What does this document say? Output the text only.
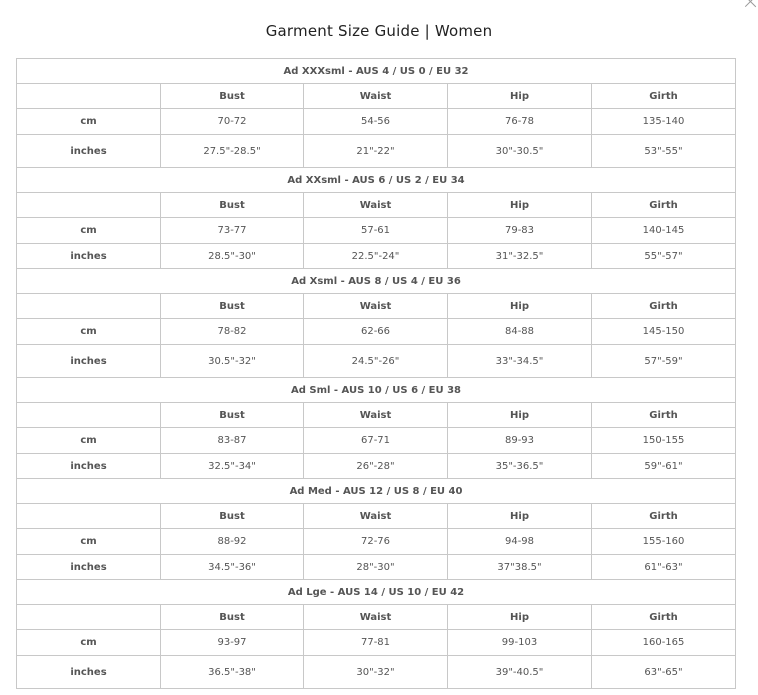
Garment Size Guide | Women
Ad XXXsml - AUS 4 / US 0 / EU 32				
	Bust	Waist	Hip	Girth
cm	70-72	54-56	76-78	135-140
inches	27.5"-28.5"	21"-22"	30"-30.5"	53"-55"
Ad XXsml - AUS 6 / US 2 / EU 34				
	Bust	Waist	Hip	Girth
cm	73-77	57-61	79-83	140-145
inches	28.5"-30"	22.5"-24"	31"-32.5"	55"-57"
Ad Xsml - AUS 8 / US 4 / EU 36				
	Bust	Waist	Hip	Girth
cm	78-82	62-66	84-88	145-150
inches	30.5"-32"	24.5"-26"	33"-34.5"	57"-59"
Ad Sml - AUS 10 / US 6 / EU 38				
	Bust	Waist	Hip	Girth
cm	83-87	67-71	89-93	150-155
inches	32.5"-34"	26"-28"	35"-36.5"	59"-61"
Ad Med - AUS 12 / US 8 / EU 40				
	Bust	Waist	Hip	Girth
cm	88-92	72-76	94-98	155-160
inches	34.5"-36"	28"-30"	37"38.5"	61"-63"
Ad Lge - AUS 14 / US 10 / EU 42				
	Bust	Waist	Hip	Girth
cm	93-97	77-81	99-103	160-165
inches	36.5"-38"	30"-32"	39"-40.5"	63"-65"
